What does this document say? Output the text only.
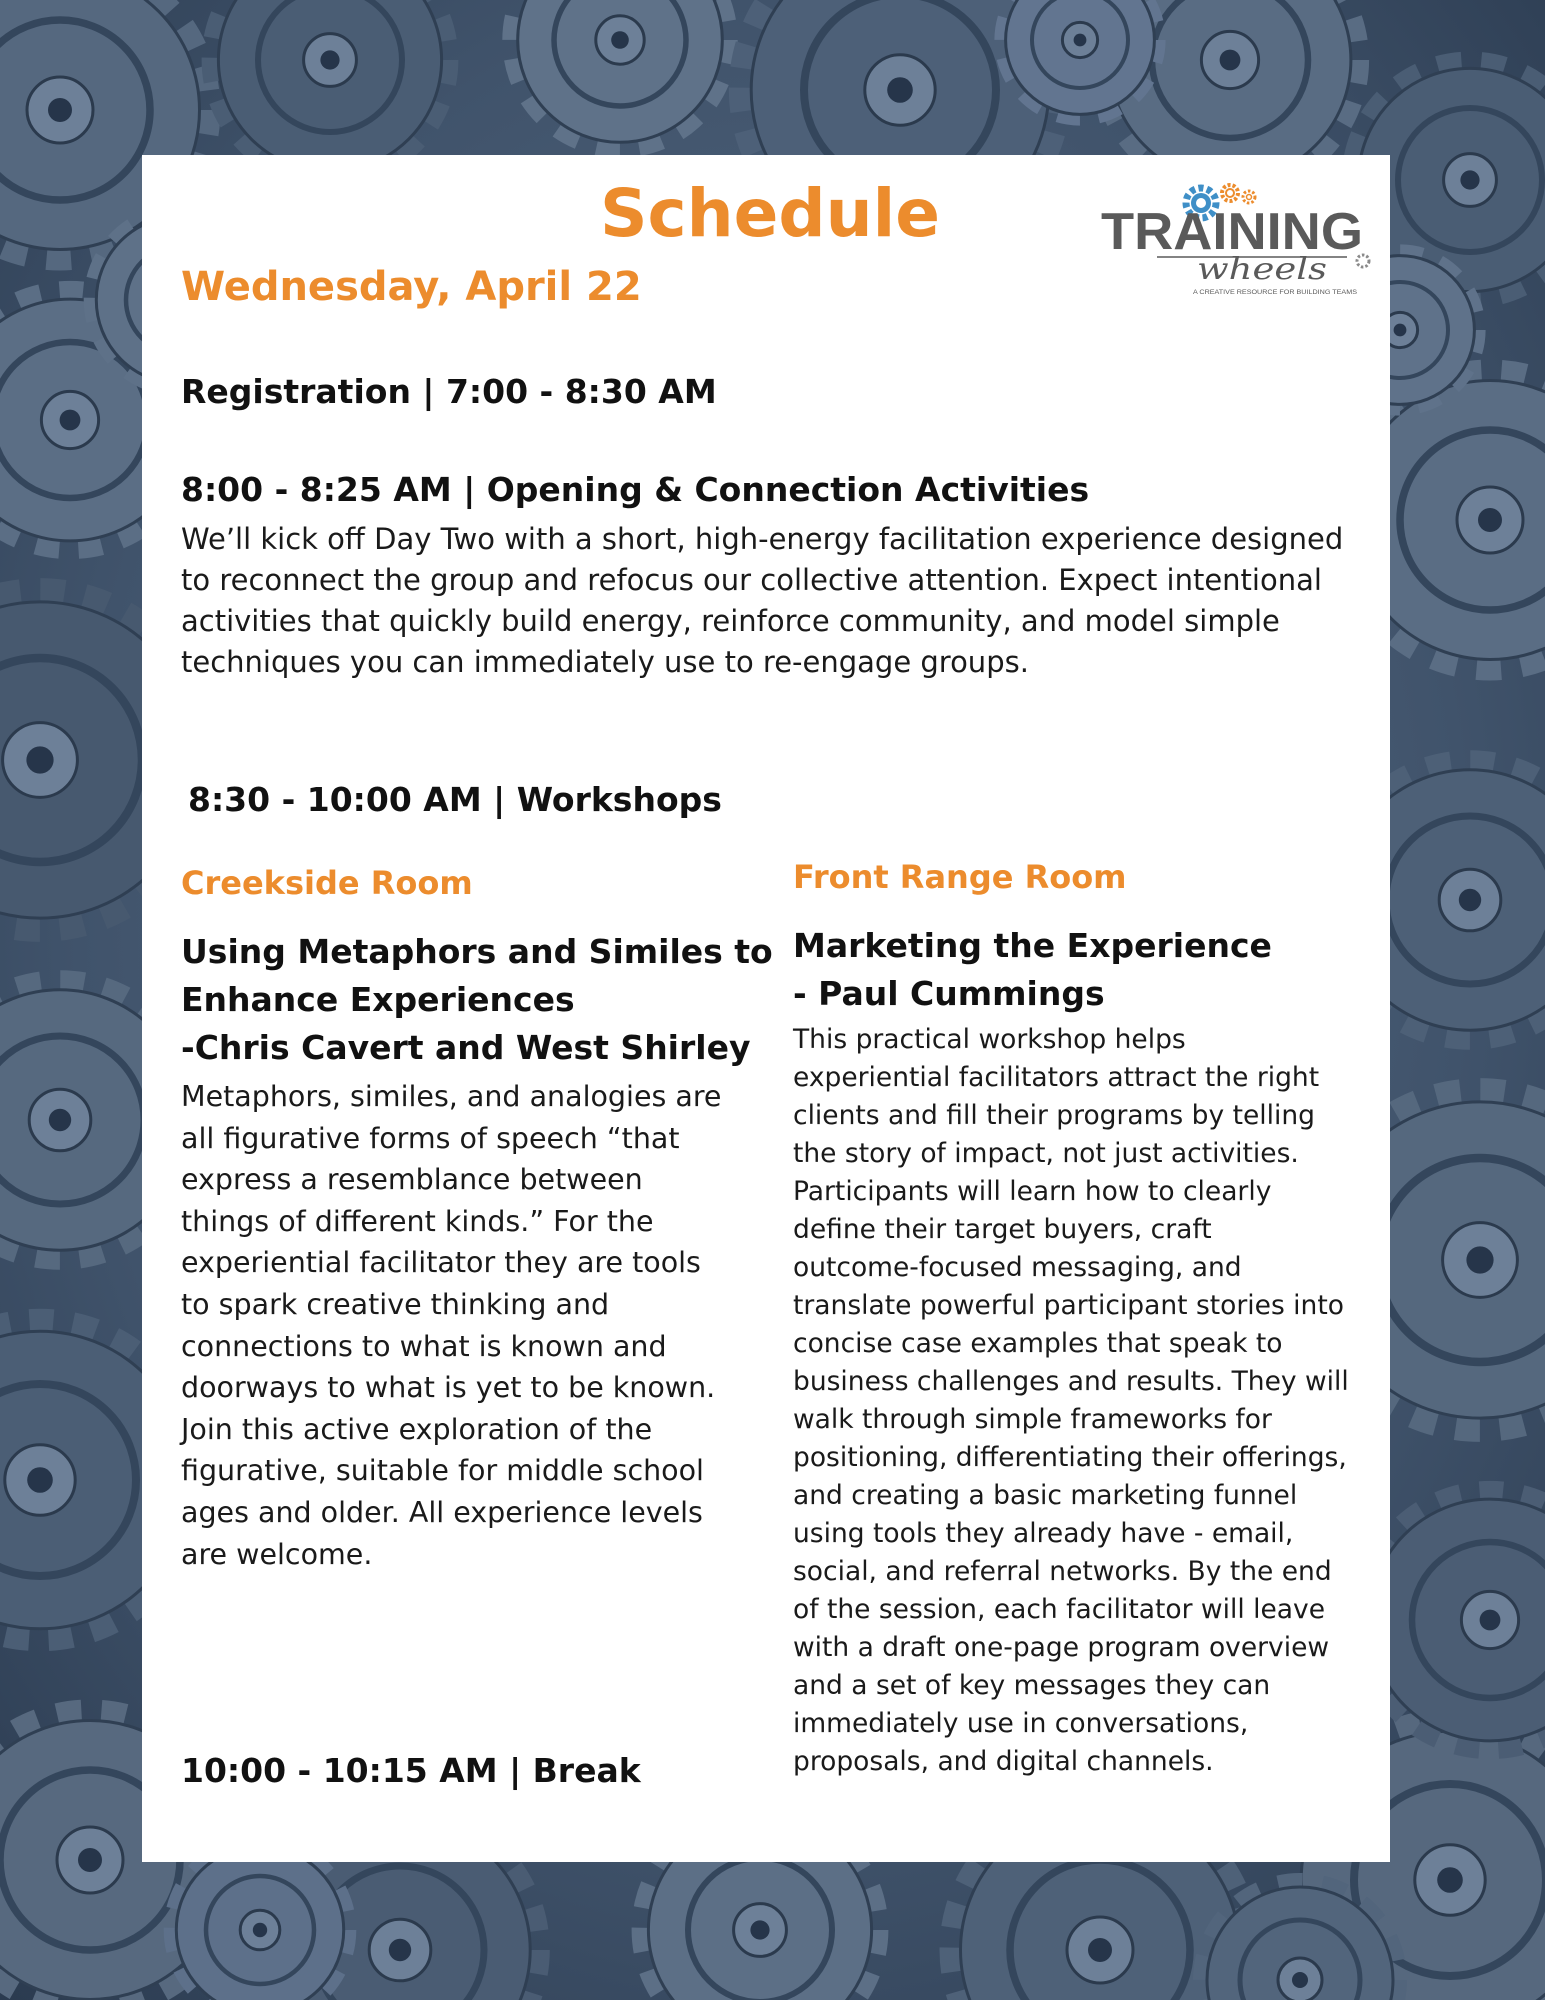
Schedule
Wednesday, April 22
TRAINING
wheels
A CREATIVE RESOURCE FOR BUILDING TEAMS
Registration | 7:00 - 8:30 AM
8:00 - 8:25 AM | Opening & Connection Activities
We’ll kick off Day Two with a short, high-energy facilitation experience designed
to reconnect the group and refocus our collective attention. Expect intentional
activities that quickly build energy, reinforce community, and model simple
techniques you can immediately use to re-engage groups.
8:30 - 10:00 AM | Workshops
Creekside Room
Using Metaphors and Similes to
Enhance Experiences
-Chris Cavert and West Shirley
Metaphors, similes, and analogies are
all figurative forms of speech “that
express a resemblance between
things of different kinds.” For the
experiential facilitator they are tools
to spark creative thinking and
connections to what is known and
doorways to what is yet to be known.
Join this active exploration of the
figurative, suitable for middle school
ages and older. All experience levels
are welcome.
Front Range Room
Marketing the Experience
- Paul Cummings
This practical workshop helps
experiential facilitators attract the right
clients and fill their programs by telling
the story of impact, not just activities.
Participants will learn how to clearly
define their target buyers, craft
outcome-focused messaging, and
translate powerful participant stories into
concise case examples that speak to
business challenges and results. They will
walk through simple frameworks for
positioning, differentiating their offerings,
and creating a basic marketing funnel
using tools they already have - email,
social, and referral networks. By the end
of the session, each facilitator will leave
with a draft one-page program overview
and a set of key messages they can
immediately use in conversations,
proposals, and digital channels.
10:00 - 10:15 AM | Break
